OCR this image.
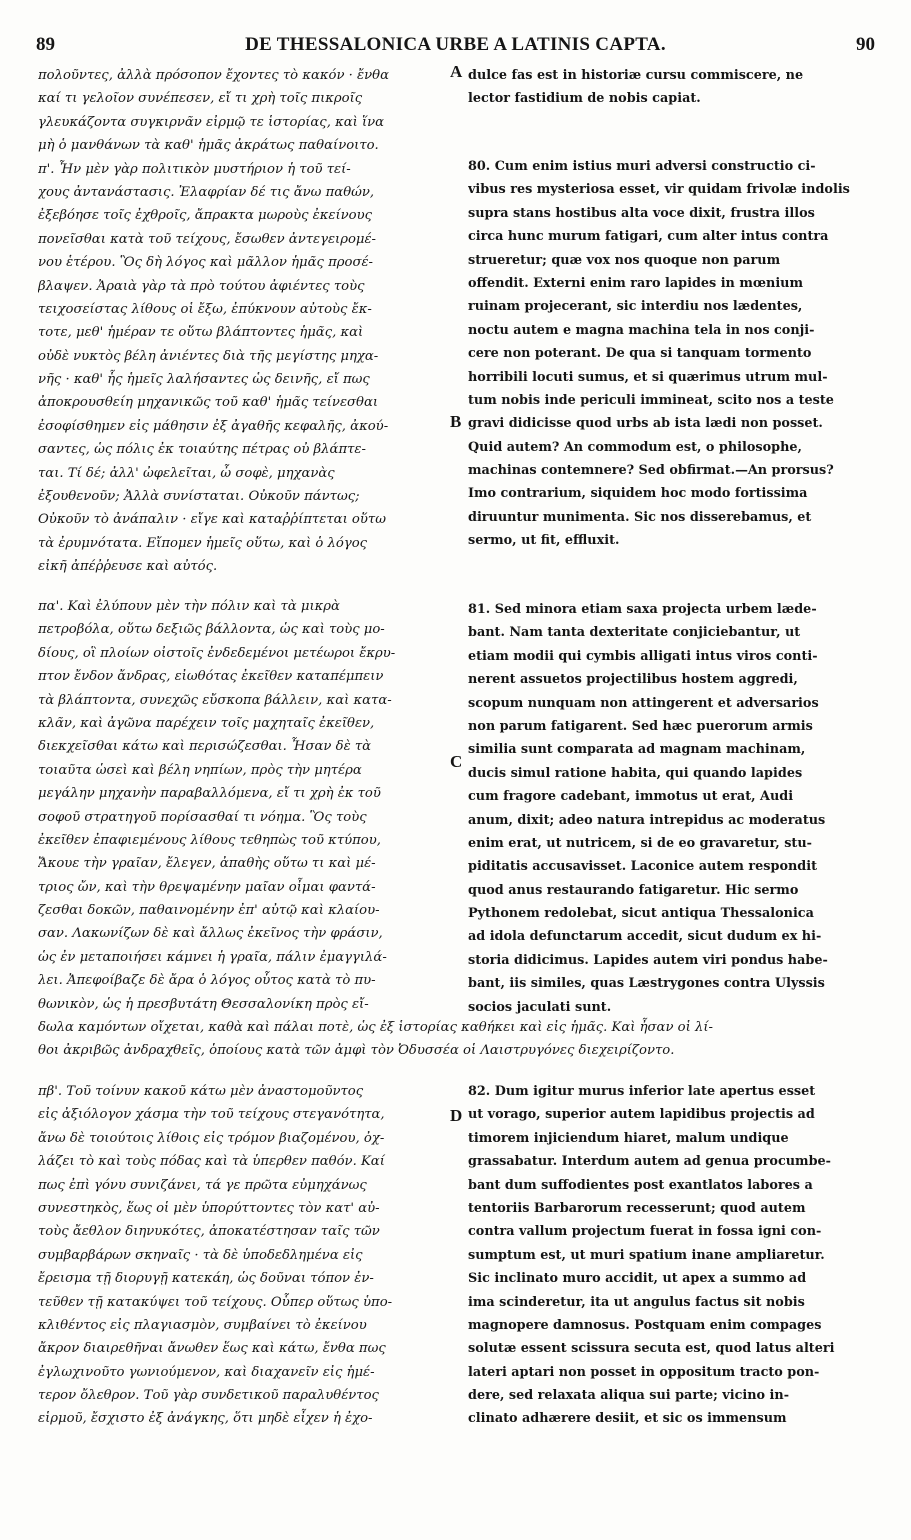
89	DE THESSALONICA URBE A LATINIS CAPTA.	90
A
B
C
D
πολοῦντες, ἀλλὰ πρόσοπον ἔχοντες τὸ κακόν · ἔνθα
καί τι γελοῖον συνέπεσεν, εἴ τι χρὴ τοῖς πικροῖς
γλευκάζοντα συγκιρνᾶν εἰρμῷ τε ἱστορίας, καὶ ἵνα
μὴ ὁ μανθάνων τὰ καθ' ἡμᾶς ἀκράτως παθαίνοιτο.
π'. Ἦν μὲν γὰρ πολιτικὸν μυστήριον ἡ τοῦ τεί-
χους ἀντανάστασις. Ἐλαφρίαν δέ τις ἄνω παθών,
ἐξεβόησε τοῖς ἐχθροῖς, ἄπρακτα μωροὺς ἐκείνους
πονεῖσθαι κατὰ τοῦ τείχους, ἔσωθεν ἀντεγειρομέ-
νου ἑτέρου. Ὃς δὴ λόγος καὶ μᾶλλον ἡμᾶς προσέ-
βλαψεν. Ἀραιὰ γὰρ τὰ πρὸ τούτου ἀφιέντες τοὺς
τειχοσείστας λίθους οἱ ἔξω, ἐπύκνουν αὐτοὺς ἔκ-
τοτε, μεθ' ἡμέραν τε οὕτω βλάπτοντες ἡμᾶς, καὶ
οὐδὲ νυκτὸς βέλη ἀνιέντες διὰ τῆς μεγίστης μηχα-
νῆς · καθ' ἧς ἡμεῖς λαλήσαντες ὡς δεινῆς, εἴ πως
ἀποκρουσθείη μηχανικῶς τοῦ καθ' ἡμᾶς τείνεσθαι
ἐσοφίσθημεν εἰς μάθησιν ἐξ ἀγαθῆς κεφαλῆς, ἀκού-
σαντες, ὡς πόλις ἐκ τοιαύτης πέτρας οὐ βλάπτε-
ται. Τί δέ; ἀλλ' ὠφελεῖται, ὦ σοφὲ, μηχανὰς
ἐξουθενοῦν; Ἀλλὰ συνίσταται. Οὐκοῦν πάντως;
Οὐκοῦν τὸ ἀνάπαλιν · εἴγε καὶ καταῤῥίπτεται οὕτω
τὰ ἐρυμνότατα. Εἴπομεν ἡμεῖς οὕτω, καὶ ὁ λόγος
εἰκῆ ἀπέῤῥευσε καὶ αὐτός.
πα'. Καὶ ἐλύπουν μὲν τὴν πόλιν καὶ τὰ μικρὰ
πετροβόλα, οὕτω δεξιῶς βάλλοντα, ὡς καὶ τοὺς μο-
δίους, οἳ πλοίων οἰστοῖς ἐνδεδεμένοι μετέωροι ἔκρυ-
πτον ἔνδον ἄνδρας, εἰωθότας ἐκεῖθεν καταπέμπειν
τὰ βλάπτοντα, συνεχῶς εὔσκοπα βάλλειν, καὶ κατα-
κλᾶν, καὶ ἀγῶνα παρέχειν τοῖς μαχηταῖς ἐκεῖθεν,
διεκχεῖσθαι κάτω καὶ περισώζεσθαι. Ἦσαν δὲ τὰ
τοιαῦτα ὡσεὶ καὶ βέλη νηπίων, πρὸς τὴν μητέρα
μεγάλην μηχανὴν παραβαλλόμενα, εἴ τι χρὴ ἐκ τοῦ
σοφοῦ στρατηγοῦ πορίσασθαί τι νόημα. Ὃς τοὺς
ἐκεῖθεν ἐπαφιεμένους λίθους τεθηπὼς τοῦ κτύπου,
Ἄκουε τὴν γραῖαν, ἔλεγεν, ἀπαθὴς οὕτω τι καὶ μέ-
τριος ὤν, καὶ τὴν θρεψαμένην μαῖαν οἶμαι φαντά-
ζεσθαι δοκῶν, παθαινομένην ἐπ' αὐτῷ καὶ κλαίου-
σαν. Λακωνίζων δὲ καὶ ἄλλως ἐκεῖνος τὴν φράσιν,
ὡς ἐν μεταποιήσει κάμνει ἡ γραῖα, πάλιν ἐμαγγιλά-
λει. Ἀπεφοίβαζε δὲ ἄρα ὁ λόγος οὗτος κατὰ τὸ πυ-
θωνικὸν, ὡς ἡ πρεσβυτάτη Θεσσαλονίκη πρὸς εἴ-
δωλα καμόντων οἴχεται, καθὰ καὶ πάλαι ποτὲ, ὡς ἐξ ἱστορίας καθήκει καὶ εἰς ἡμᾶς. Καὶ ἦσαν οἱ λί-
θοι ἀκριβῶς ἀνδραχθεῖς, ὁποίους κατὰ τῶν ἀμφὶ τὸν Ὀδυσσέα οἱ Λαιστρυγόνες διεχειρίζοντο.
πβ'. Τοῦ τοίνυν κακοῦ κάτω μὲν ἀναστομοῦντος
εἰς ἀξιόλογον χάσμα τὴν τοῦ τείχους στεγανότητα,
ἄνω δὲ τοιούτοις λίθοις εἰς τρόμον βιαζομένου, ὀχ-
λάζει τὸ καὶ τοὺς πόδας καὶ τὰ ὑπερθεν παθόν. Καί
πως ἐπὶ γόνυ συνιζάνει, τά γε πρῶτα εὐμηχάνως
συνεστηκὸς, ἕως οἱ μὲν ὑπορύττοντες τὸν κατ' αὐ-
τοὺς ἄεθλον διηνυκότες, ἀποκατέστησαν ταῖς τῶν
συμβαρβάρων σκηναῖς · τὰ δὲ ὑποδεδλημένα εἰς
ἔρεισμα τῇ διορυγῇ κατεκάη, ὡς δοῦναι τόπον ἐν-
τεῦθεν τῇ κατακύψει τοῦ τείχους. Οὗπερ οὕτως ὑπο-
κλιθέντος εἰς πλαγιασμὸν, συμβαίνει τὸ ἐκείνου
ἄκρον διαιρεθῆναι ἄνωθεν ἕως καὶ κάτω, ἔνθα πως
ἐγλωχινοῦτο γωνιούμενον, καὶ διαχανεῖν εἰς ἡμέ-
τερον ὄλεθρον. Τοῦ γὰρ συνδετικοῦ παραλυθέντος
εἱρμοῦ, ἔσχιστο ἐξ ἀνάγκης, ὅτι μηδὲ εἶχεν ἡ ἐχο-
dulce fas est in historiæ cursu commiscere, ne
lector fastidium de nobis capiat.
80. Cum enim istius muri adversi constructio ci-
vibus res mysteriosa esset, vir quidam frivolæ indolis
supra stans hostibus alta voce dixit, frustra illos
circa hunc murum fatigari, cum alter intus contra
strueretur; quæ vox nos quoque non parum
offendit. Externi enim raro lapides in mœnium
ruinam projecerant, sic interdiu nos lædentes,
noctu autem e magna machina tela in nos conji-
cere non poterant. De qua si tanquam tormento
horribili locuti sumus, et si quærimus utrum mul-
tum nobis inde periculi immineat, scito nos a teste
gravi didicisse quod urbs ab ista lædi non posset.
Quid autem? An commodum est, o philosophe,
machinas contemnere? Sed obfirmat.—An prorsus?
Imo contrarium, siquidem hoc modo fortissima
diruuntur munimenta. Sic nos disserebamus, et
sermo, ut fit, effluxit.
81. Sed minora etiam saxa projecta urbem læde-
bant. Nam tanta dexteritate conjiciebantur, ut
etiam modii qui cymbis alligati intus viros conti-
nerent assuetos projectilibus hostem aggredi,
scopum nunquam non attingerent et adversarios
non parum fatigarent. Sed hæc puerorum armis
similia sunt comparata ad magnam machinam,
ducis simul ratione habita, qui quando lapides
cum fragore cadebant, immotus ut erat, Audi
anum, dixit; adeo natura intrepidus ac moderatus
enim erat, ut nutricem, si de eo gravaretur, stu-
piditatis accusavisset. Laconice autem respondit
quod anus restaurando fatigaretur. Hic sermo
Pythonem redolebat, sicut antiqua Thessalonica
ad idola defunctarum accedit, sicut dudum ex hi-
storia didicimus. Lapides autem viri pondus habe-
bant, iis similes, quas Læstrygones contra Ulyssis
socios jaculati sunt.
82. Dum igitur murus inferior late apertus esset
ut vorago, superior autem lapidibus projectis ad
timorem injiciendum hiaret, malum undique
grassabatur. Interdum autem ad genua procumbe-
bant dum suffodientes post exantlatos labores a
tentoriis Barbarorum recesserunt; quod autem
contra vallum projectum fuerat in fossa igni con-
sumptum est, ut muri spatium inane ampliaretur.
Sic inclinato muro accidit, ut apex a summo ad
ima scinderetur, ita ut angulus factus sit nobis
magnopere damnosus. Postquam enim compages
solutæ essent scissura secuta est, quod latus alteri
lateri aptari non posset in oppositum tracto pon-
dere, sed relaxata aliqua sui parte; vicino in-
clinato adhærere desiit, et sic os immensum
